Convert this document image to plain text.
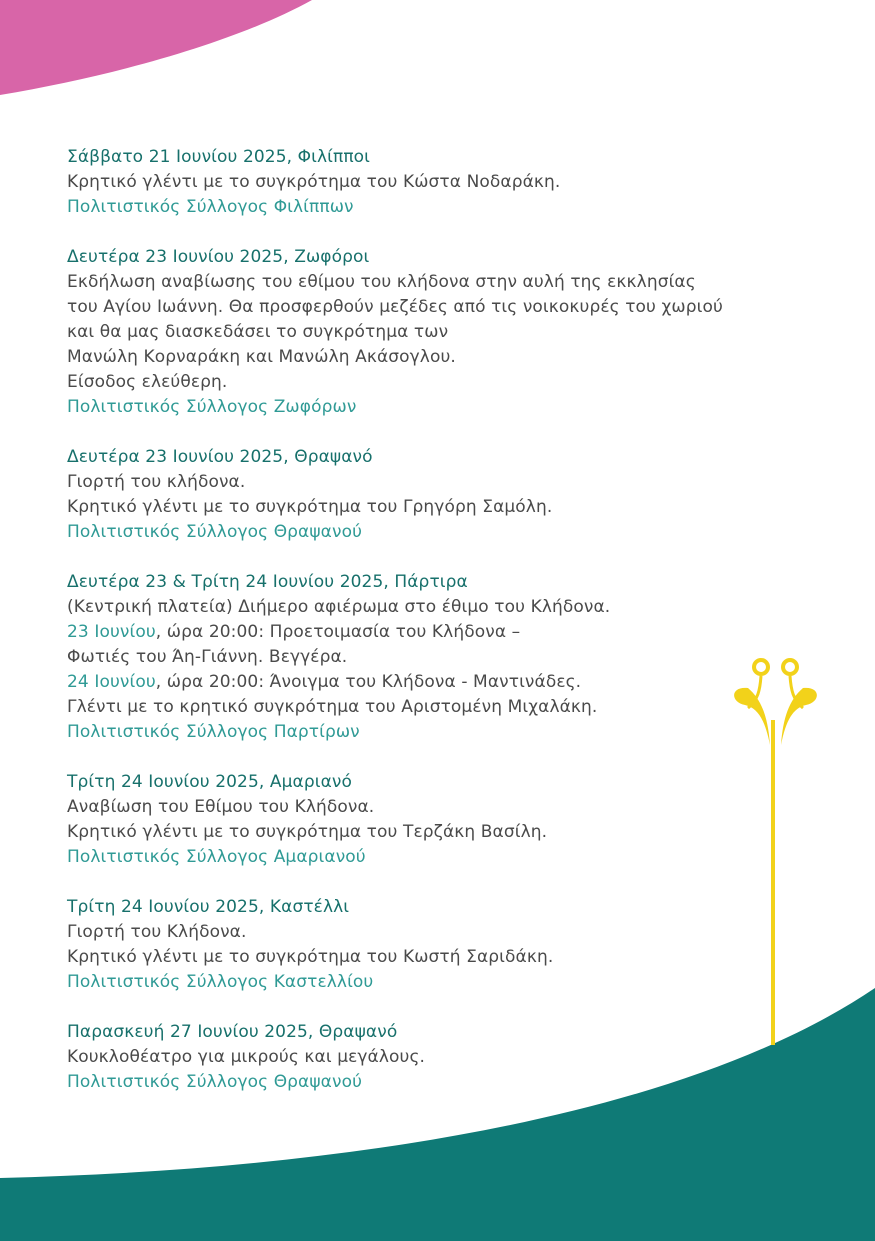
Σάββατο 21 Ιουνίου 2025, Φιλίπποι
Κρητικό γλέντι με το συγκρότημα του Κώστα Νοδαράκη.
Πολιτιστικός Σύλλογος Φιλίππων
Δευτέρα 23 Ιουνίου 2025, Ζωφόροι
Εκδήλωση αναβίωσης του εθίμου του κλήδονα στην αυλή της εκκλησίας
του Αγίου Ιωάννη. Θα προσφερθούν μεζέδες από τις νοικοκυρές του χωριού
και θα μας διασκεδάσει το συγκρότημα των
Μανώλη Κορναράκη και Μανώλη Ακάσογλου.
Είσοδος ελεύθερη.
Πολιτιστικός Σύλλογος Ζωφόρων
Δευτέρα 23 Ιουνίου 2025, Θραψανό
Γιορτή του κλήδονα.
Κρητικό γλέντι με το συγκρότημα του Γρηγόρη Σαμόλη.
Πολιτιστικός Σύλλογος Θραψανού
Δευτέρα 23 & Τρίτη 24 Ιουνίου 2025, Πάρτιρα
(Κεντρική πλατεία) Διήμερο αφιέρωμα στο έθιμο του Κλήδονα.
23 Ιουνίου, ώρα 20:00: Προετοιμασία του Κλήδονα –
Φωτιές του Άη-Γιάννη. Βεγγέρα.
24 Ιουνίου, ώρα 20:00: Άνοιγμα του Κλήδονα - Μαντινάδες.
Γλέντι με το κρητικό συγκρότημα του Αριστομένη Μιχαλάκη.
Πολιτιστικός Σύλλογος Παρτίρων
Τρίτη 24 Ιουνίου 2025, Αμαριανό
Αναβίωση του Εθίμου του Κλήδονα.
Κρητικό γλέντι με το συγκρότημα του Τερζάκη Βασίλη.
Πολιτιστικός Σύλλογος Αμαριανού
Τρίτη 24 Ιουνίου 2025, Καστέλλι
Γιορτή του Κλήδονα.
Κρητικό γλέντι με το συγκρότημα του Κωστή Σαριδάκη.
Πολιτιστικός Σύλλογος Καστελλίου
Παρασκευή 27 Ιουνίου 2025, Θραψανό
Κουκλοθέατρο για μικρούς και μεγάλους.
Πολιτιστικός Σύλλογος Θραψανού
